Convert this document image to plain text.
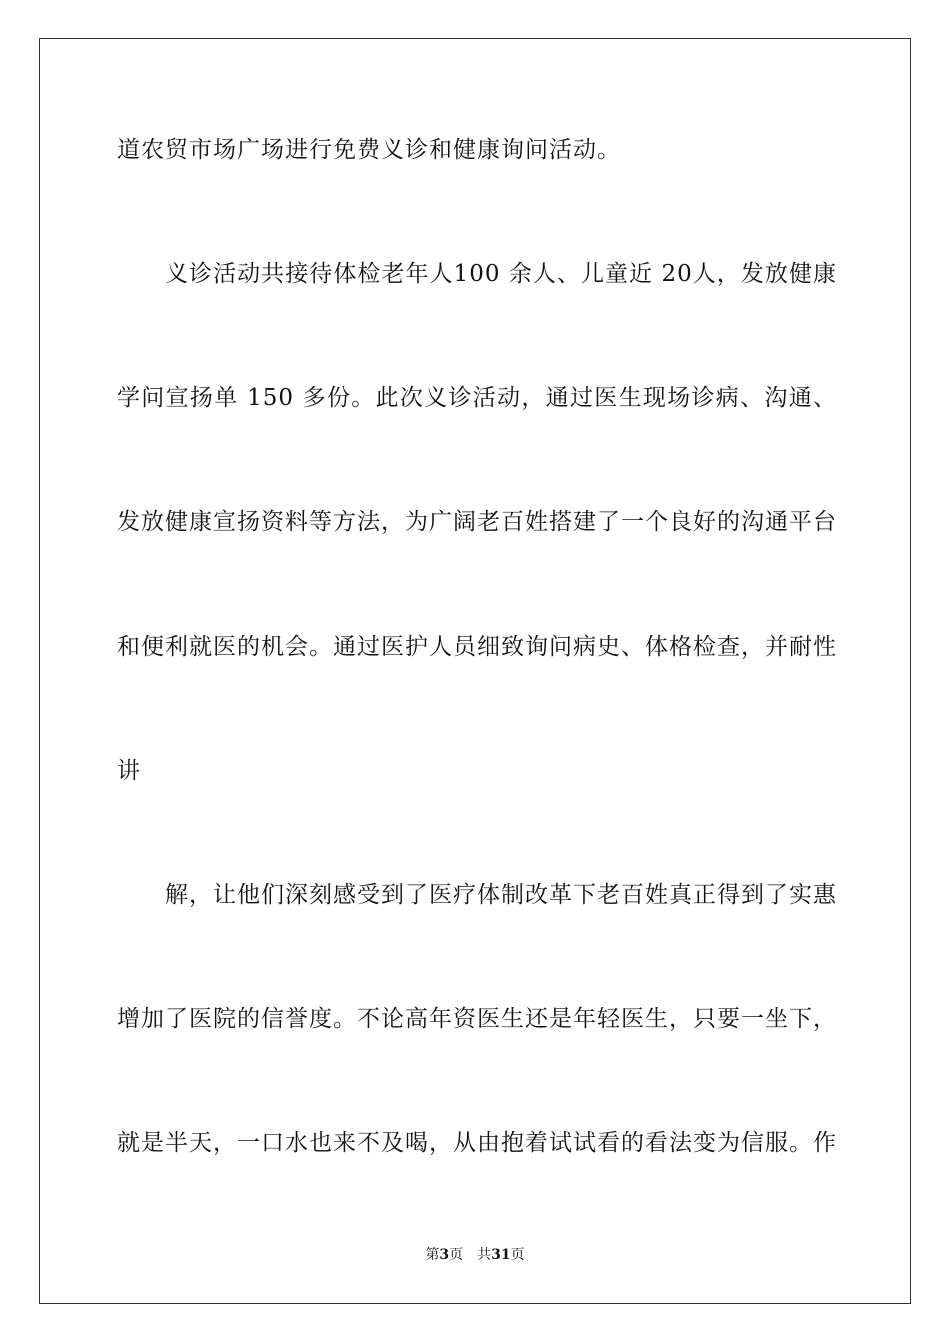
道农贸市场广场进行免费义诊和健康询问活动。
义诊活动共接待体检老年人100 余人、儿童近 20人，发放健康
学问宣扬单 150 多份。此次义诊活动，通过医生现场诊病、沟通、
发放健康宣扬资料等方法，为广阔老百姓搭建了一个良好的沟通平台
和便利就医的机会。通过医护人员细致询问病史、体格检查，并耐性
讲
解，让他们深刻感受到了医疗体制改革下老百姓真正得到了实惠
增加了医院的信誉度。不论高年资医生还是年轻医生，只要一坐下，
就是半天，一口水也来不及喝，从由抱着试试看的看法变为信服。作
第3页 共31页
